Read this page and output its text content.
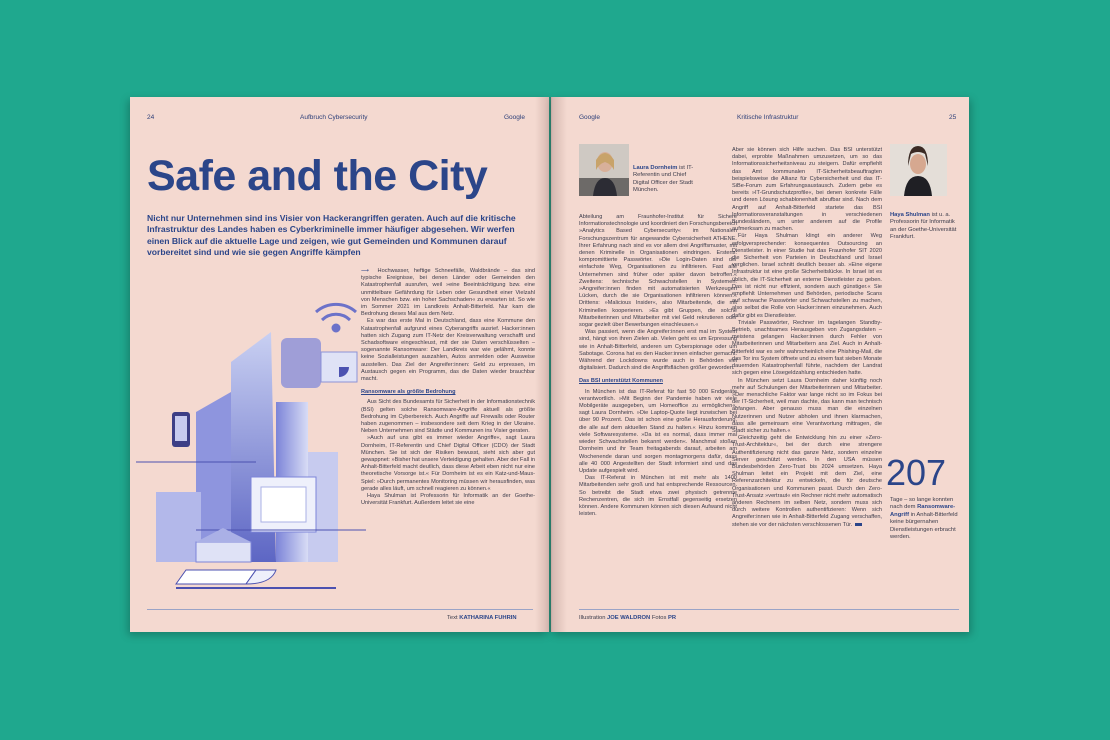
24	Aufbruch Cybersecurity	Google
Safe and the City
Nicht nur Unternehmen sind ins Visier von Hackerangriffen geraten. Auch auf die kritische Infrastruktur des Landes haben es Cyberkriminelle immer häufiger abgesehen. Wir werfen einen Blick auf die aktuelle Lage und zeigen, wie gut Gemeinden und Kommunen darauf vorbereitet sind und wie sie gegen Angriffe kämpfen

⟶ Hochwasser, heftige Schneefälle, Waldbrände – das sind typische Ereignisse, bei denen Länder oder Gemeinden den Katastrophenfall ausrufen, weil »eine Beeinträchtigung bzw. eine unmittelbare Gefährdung für Leben oder Gesundheit einer Vielzahl von Menschen bzw. ein hoher Sachschaden« zu erwarten ist. So wie im Sommer 2021 im Landkreis Anhalt-Bitterfeld. Nur kam die Bedrohung dieses Mal aus dem Netz.

Es war das erste Mal in Deutschland, dass eine Kommune den Katastrophenfall aufgrund eines Cyberangriffs ausrief. Hacker:innen hatten sich Zugang zum IT-Netz der Kreisverwaltung verschafft und Schadsoftware eingeschleust, mit der sie Daten verschlüsselten – sogenannte Ransomware: Der Landkreis war wie gelähmt, konnte keine Sozialleistungen auszahlen, Autos anmelden oder Ausweise ausstellen. Das Ziel der Angreifer:innen: Geld zu erpressen, im Austausch gegen ein Programm, das die Daten wieder brauchbar macht.

Ransomware als größte Bedrohung

Aus Sicht des Bundesamts für Sicherheit in der Informationstechnik (BSI) gelten solche Ransomware-Angriffe aktuell als größte Bedrohung im Cyberbereich. Auch Angriffe auf Firewalls oder Router haben zugenommen – insbesondere seit dem Krieg in der Ukraine. Neben Unternehmen sind Städte und Kommunen ins Visier geraten.

»Auch auf uns gibt es immer wieder Angriffe«, sagt Laura Dornheim, IT-Referentin und Chief Digital Officer (CDO) der Stadt München. Sie ist sich der Risiken bewusst, sieht sich aber gut gewappnet: »Bisher hat unsere Verteidigung gehalten. Aber der Fall in Anhalt-Bitterfeld macht deutlich, dass diese Arbeit eben nicht nur eine theoretische Vorsorge ist.« Für Dornheim ist es ein Katz-und-Maus-Spiel: »Durch permanentes Monitoring müssen wir herausfinden, was gerade alles läuft, um schnell reagieren zu können.«

Haya Shulman ist Professorin für Informatik an der Goethe-Universität Frankfurt. Außerdem leitet sie eine

Text KATHARINA FUHRIN
Google	Kritische Infrastruktur	25
Laura Dornheim ist IT-Referentin und Chief Digital Officer der Stadt München.
Haya Shulman ist u. a. Professorin für Informatik an der Goethe-Universität Frankfurt.

Abteilung am Fraunhofer-Institut für Sichere Informationstechnologie und koordiniert den Forschungsbereich »Analytics Based Cybersecurity« im Nationalen Forschungszentrum für angewandte Cybersicherheit ATHENE. Ihrer Erfahrung nach sind es vor allem drei Angriffsmuster, mit denen Kriminelle in Organisationen eindringen. Erstens: kompromittierte Passwörter. »Die Login-Daten sind der einfachste Weg, Organisationen zu infiltrieren. Fast alle Unternehmen sind früher oder später davon betroffen.« Zweitens: technische Schwachstellen in Systemen: »Angreifer:innen finden mit automatisierten Werkzeugen Lücken, durch die sie Organisationen infiltrieren können.« Drittens: »Malicious Insider«, also Mitarbeitende, die mit Kriminellen kooperieren. »Es gibt Gruppen, die solche Mitarbeiterinnen und Mitarbeiter mit viel Geld rekrutieren oder sogar gezielt über Bewerbungen einschleusen.«

Was passiert, wenn die Angreifer:innen erst mal im System sind, hängt von ihren Zielen ab. Vielen geht es um Erpressung wie in Anhalt-Bitterfeld, anderen um Cyberspionage oder um Sabotage. Corona hat es den Hacker:innen einfacher gemacht. Während der Lockdowns wurde auch in Behörden viel digitalisiert. Dadurch sind die Angriffsflächen größer geworden.

Das BSI unterstützt Kommunen

In München ist das IT-Referat für fast 50 000 Endgeräte verantwortlich. »Mit Beginn der Pandemie haben wir viele Mobilgeräte ausgegeben, um Homeoffice zu ermöglichen«, sagt Laura Dornheim. »Die Laptop-Quote liegt inzwischen bei über 90 Prozent. Das ist schon eine große Herausforderung, die alle auf dem aktuellen Stand zu halten.« Hinzu kommen viele Softwaresysteme. »Da ist es normal, dass immer mal wieder Schwachstellen bekannt werden«. Manchmal stoßen Dornheim und ihr Team freitagabends darauf, arbeiten am Wochenende daran und sorgen montagmorgens dafür, dass alle 40 000 Angestellten der Stadt informiert sind und das Update aufgespielt wird.

Das IT-Referat in München ist mit mehr als 1400 Mitarbeitenden sehr groß und hat entsprechende Ressourcen. So betreibt die Stadt etwa zwei physisch getrennte Rechenzentren, die sich im Ernstfall gegenseitig ersetzen können. Andere Kommunen können sich diesen Aufwand nicht leisten.

Aber sie können sich Hilfe suchen. Das BSI unterstützt dabei, erprobte Maßnahmen umzusetzen, um so das Informationssicherheitsniveau zu steigern. Dafür empfiehlt das Amt kommunalen IT-Sicherheitsbeauftragten beispielsweise die Allianz für Cybersicherheit und das IT-SiBe-Forum zum Erfahrungsaustausch. Zudem gebe es bereits »IT-Grundschutzprofile«, bei denen konkrete Fälle und deren Lösung schablonenhaft abrufbar sind. Nach dem Angriff auf Anhalt-Bitterfeld startete das BSI Informationsveranstaltungen in verschiedenen Bundesländern, um unter anderem auf die Profile aufmerksam zu machen.

Für Haya Shulman klingt ein anderer Weg erfolgversprechender: konsequentes Outsourcing an Dienstleister. In einer Studie hat das Fraunhofer SIT 2020 die Sicherheit von Parteien in Deutschland und Israel verglichen. Israel schnitt deutlich besser ab. »Eine eigene Infrastruktur ist eine große Sicherheitslücke. In Israel ist es üblich, die IT-Sicherheit an externe Dienstleister zu geben. Das ist nicht nur effizient, sondern auch günstiger.« Sie empfiehlt Unternehmen und Behörden, periodische Scans auf schwache Passwörter und Schwachstellen zu machen, also selbst die Rolle von Hacker:innen einzunehmen. Auch dafür gibt es Dienstleister.

Triviale Passwörter, Rechner im tagelangen Standby-Betrieb, unachtsames Herausgeben von Zugangsdaten – meistens gelangen Hacker:innen durch Fehler von Mitarbeiterinnen und Mitarbeitern ans Ziel. Auch in Anhalt-Bitterfeld war es sehr wahrscheinlich eine Phishing-Mail, die das Tor ins System öffnete und zu einem fast sieben Monate dauernden Katastrophenfall führte, nachdem der Landrat sich gegen eine Lösegeldzahlung entschieden hatte.

In München setzt Laura Dornheim daher künftig noch mehr auf Schulungen der Mitarbeiterinnen und Mitarbeiter. »Der menschliche Faktor war lange nicht so im Fokus bei der IT-Sicherheit, weil man dachte, das kann man technisch abfangen. Aber genauso muss man die einzelnen Nutzerinnen und Nutzer abholen und ihnen klarmachen, dass alle gemeinsam eine Verantwortung mittragen, die Stadt sicher zu halten.«

Gleichzeitig geht die Entwicklung hin zu einer »Zero-Trust-Architektur«, bei der durch eine strengere Authentifizierung nicht das ganze Netz, sondern einzelne Server geschützt werden. In den USA müssen Bundesbehörden Zero-Trust bis 2024 umsetzen. Haya Shulman leitet ein Projekt mit dem Ziel, eine Referenzarchitektur zu entwickeln, die für deutsche Organisationen und Kommunen passt. Durch den Zero-Trust-Ansatz »vertraut« ein Rechner nicht mehr automatisch anderen Rechnern im selben Netz, sondern muss sich durch weitere Kontrollen authentifizieren: Wenn sich Angreifer:innen wie in Anhalt-Bitterfeld Zugang verschaffen, stehen sie vor der nächsten verschlossenen Tür.

207
Tage – so lange konnten nach dem Ransomware-Angriff in Anhalt-Bitterfeld keine bürgernahen Dienstleistungen erbracht werden.
Illustration JOE WALDRON Fotos PR
